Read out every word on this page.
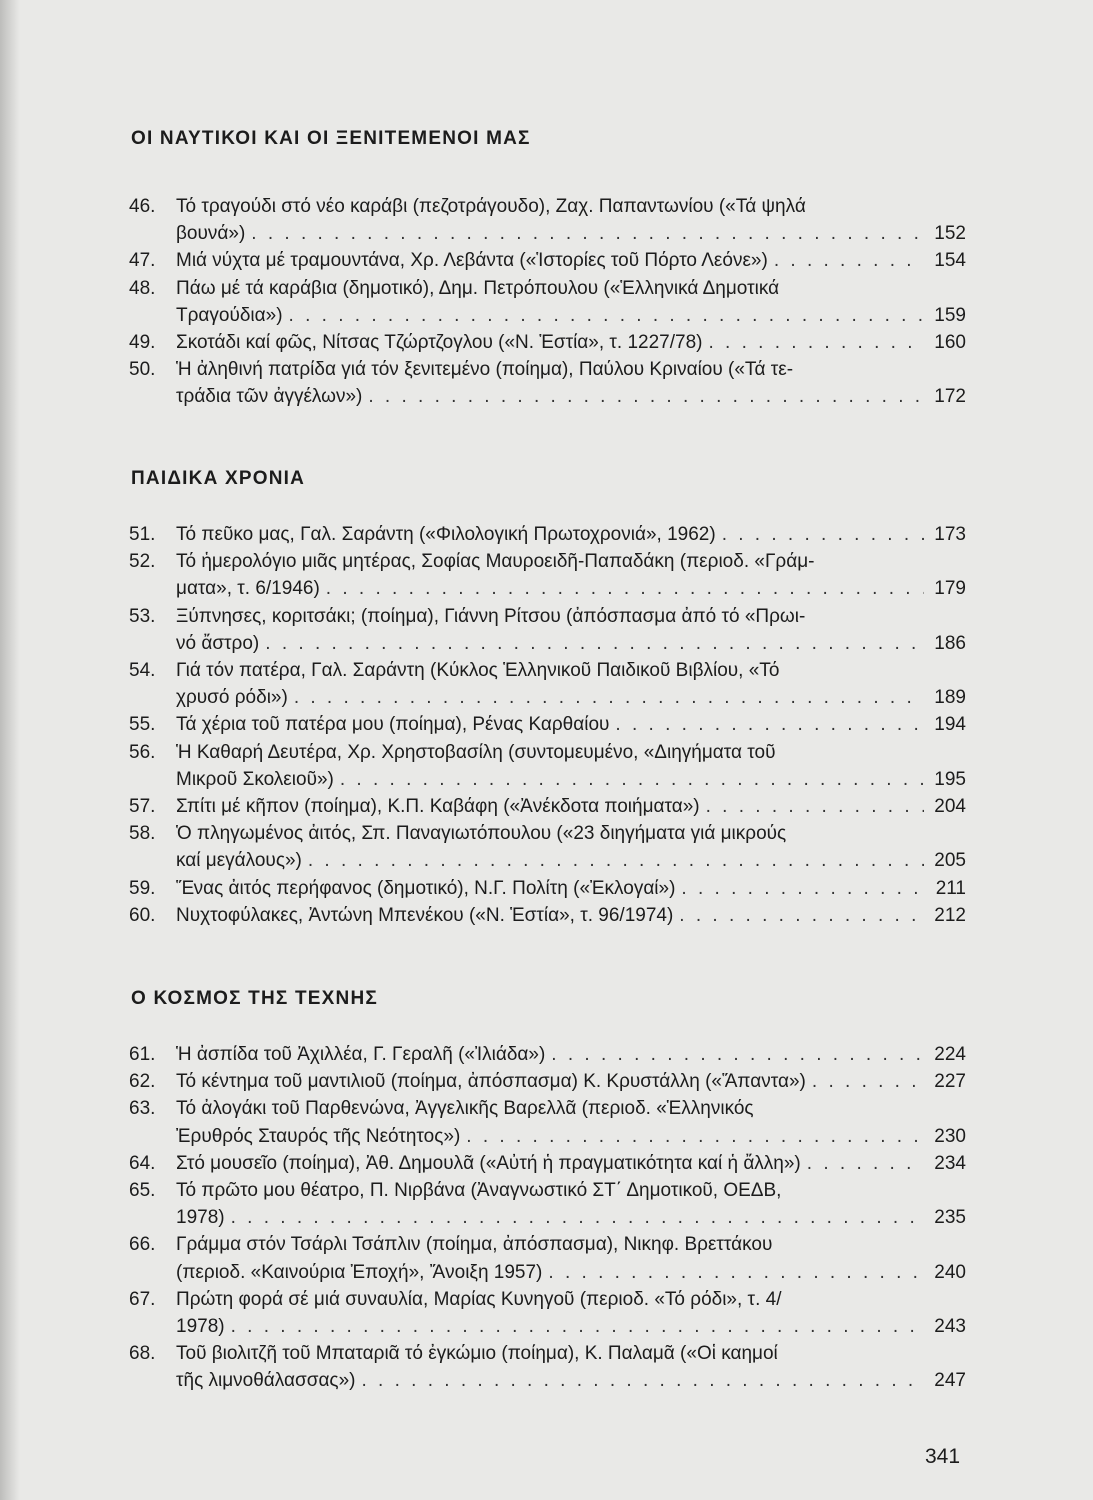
ΟΙ ΝΑΥΤΙΚΟΙ ΚΑΙ ΟΙ ΞΕΝΙΤΕΜΕΝΟΙ ΜΑΣ
46.	Τό τραγούδι στό νέο καράβι (πεζοτράγουδο), Ζαχ. Παπαντωνίου («Τά ψηλά
βουνά») . . .	152
47.	Μιά νύχτα μέ τραμουντάνα, Χρ. Λεβάντα («Ἱστορίες τοῦ Πόρτο Λεόνε») . . .	154
48.	Πάω μέ τά καράβια (δημοτικό), Δημ. Πετρόπουλου («Ἑλληνικά Δημοτικά
Τραγούδια») . . .	159
49.	Σκοτάδι καί φῶς, Νίτσας Τζώρτζογλου («Ν. Ἑστία», τ. 1227/78) . . .	160
50.	Ἡ ἀληθινή πατρίδα γιά τόν ξενιτεμένο (ποίημα), Παύλου Κριναίου («Τά τε-
τράδια τῶν ἀγγέλων») . . .	172
ΠΑΙΔΙΚΑ ΧΡΟΝΙΑ
51.	Τό πεῦκο μας, Γαλ. Σαράντη («Φιλολογική Πρωτοχρονιά», 1962) . . .	173
52.	Τό ἡμερολόγιο μιᾶς μητέρας, Σοφίας Μαυροειδῆ-Παπαδάκη (περιοδ. «Γράμ-
ματα», τ. 6/1946) . . .	179
53.	Ξύπνησες, κοριτσάκι; (ποίημα), Γιάννη Ρίτσου (ἀπόσπασμα ἀπό τό «Πρωι-
νό ἄστρο) . . .	186
54.	Γιά τόν πατέρα, Γαλ. Σαράντη (Κύκλος Ἑλληνικοῦ Παιδικοῦ Βιβλίου, «Τό
χρυσό ρόδι») . . .	189
55.	Τά χέρια τοῦ πατέρα μου (ποίημα), Ρένας Καρθαίου . . .	194
56.	Ἡ Καθαρή Δευτέρα, Χρ. Χρηστοβασίλη (συντομευμένο, «Διηγήματα τοῦ
Μικροῦ Σκολειοῦ») . . .	195
57.	Σπίτι μέ κῆπον (ποίημα), Κ.Π. Καβάφη («Ἀνέκδοτα ποιήματα») . . .	204
58.	Ὁ πληγωμένος ἀιτός, Σπ. Παναγιωτόπουλου («23 διηγήματα γιά μικρούς
καί μεγάλους») . . .	205
59.	Ἕνας ἀιτός περήφανος (δημοτικό), Ν.Γ. Πολίτη («Ἐκλογαί») . . .	211
60.	Νυχτοφύλακες, Ἀντώνη Μπενέκου («Ν. Ἑστία», τ. 96/1974) . . .	212
Ο ΚΟΣΜΟΣ ΤΗΣ ΤΕΧΝΗΣ
61.	Ἡ ἀσπίδα τοῦ Ἀχιλλέα, Γ. Γεραλῆ («Ἰλιάδα») . . .	224
62.	Τό κέντημα τοῦ μαντιλιοῦ (ποίημα, ἀπόσπασμα) Κ. Κρυστάλλη («Ἅπαντα») . . .	227
63.	Τό ἀλογάκι τοῦ Παρθενώνα, Ἀγγελικῆς Βαρελλᾶ (περιοδ. «Ἑλληνικός
Ἐρυθρός Σταυρός τῆς Νεότητος») . . .	230
64.	Στό μουσεῖο (ποίημα), Ἀθ. Δημουλᾶ («Αὐτή ἡ πραγματικότητα καί ἡ ἄλλη») . . .	234
65.	Τό πρῶτο μου θέατρο, Π. Νιρβάνα (Ἀναγνωστικό ΣΤ΄ Δημοτικοῦ, ΟΕΔΒ,
1978) . . .	235
66.	Γράμμα στόν Τσάρλι Τσάπλιν (ποίημα, ἀπόσπασμα), Νικηφ. Βρεττάκου
(περιοδ. «Καινούρια Ἐποχή», Ἄνοιξη 1957) . . .	240
67.	Πρώτη φορά σέ μιά συναυλία, Μαρίας Κυνηγοῦ (περιοδ. «Τό ρόδι», τ. 4/
1978) . . .	243
68.	Τοῦ βιολιτζῆ τοῦ Μπαταριᾶ τό ἐγκώμιο (ποίημα), Κ. Παλαμᾶ («Οἱ καημοί
τῆς λιμνοθάλασσας») . . .	247
341
